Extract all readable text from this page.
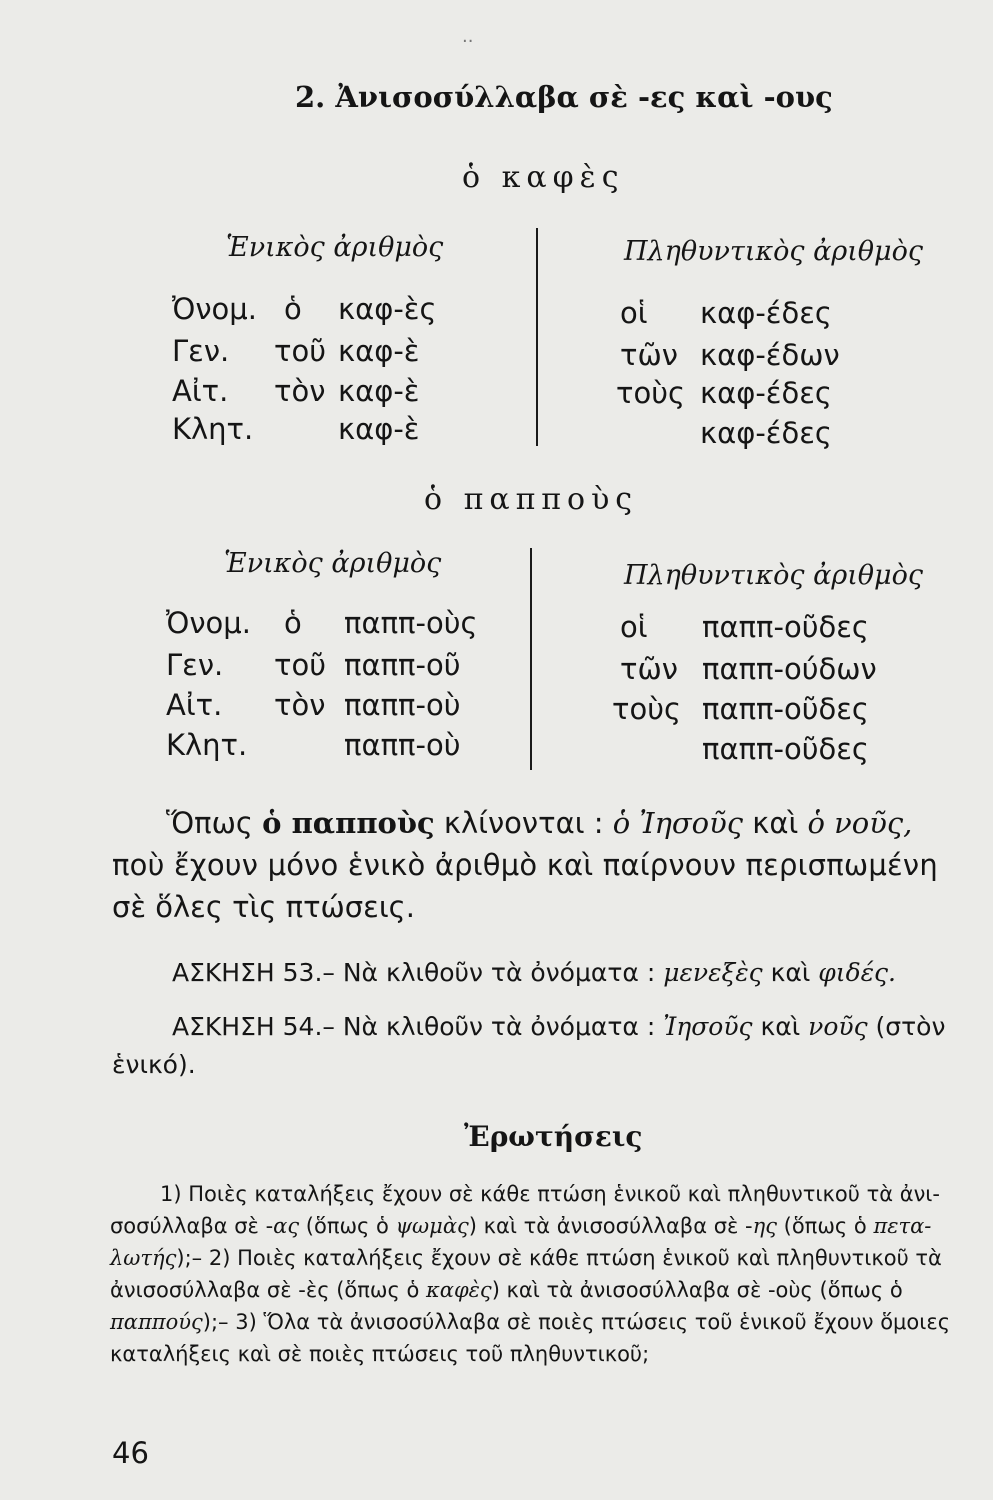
..
2. Ἀνισοσύλλαβα σὲ -ες καὶ -ους
ὁ καφὲς
Ἑνικὸς ἀριθμὸς	Πληθυντικὸς ἀριθμὸς
Ὀνομ. ὁ καφ-ὲς	οἱ καφ-έδες
Γεν. τοῦ καφ-ὲ	τῶν καφ-έδων
Αἰτ. τὸν καφ-ὲ	τοὺς καφ-έδες
Κλητ.	καφ-ὲ	καφ-έδες
ὁ παπποὺς
Ἑνικὸς ἀριθμὸς	Πληθυντικὸς ἀριθμὸς
Ὀνομ. ὁ παππ-οὺς	οἱ παππ-οῦδες
Γεν. τοῦ παππ-οῦ	τῶν παππ-ούδων
Αἰτ. τὸν παππ-οὺ	τοὺς παππ-οῦδες
Κλητ.	παππ-οὺ	παππ-οῦδες
Ὅπως ὁ παπποὺς κλίνονται : ὁ Ἰησοῦς καὶ ὁ νοῦς,
ποὺ ἔχουν μόνο ἑνικὸ ἀριθμὸ καὶ παίρνουν περισπωμένη
σὲ ὅλες τὶς πτώσεις.
ΑΣΚΗΣΗ 53.– Νὰ κλιθοῦν τὰ ὀνόματα : μενεξὲς καὶ φιδές.
ΑΣΚΗΣΗ 54.– Νὰ κλιθοῦν τὰ ὀνόματα : Ἰησοῦς καὶ νοῦς (στὸν
ἑνικό).
Ἐρωτήσεις
1) Ποιὲς καταλήξεις ἔχουν σὲ κάθε πτώση ἑνικοῦ καὶ πληθυντικοῦ τὰ ἀνι-
σοσύλλαβα σὲ -ας (ὅπως ὁ ψωμὰς) καὶ τὰ ἀνισοσύλλαβα σὲ -ης (ὅπως ὁ πετα-
λωτής);– 2) Ποιὲς καταλήξεις ἔχουν σὲ κάθε πτώση ἑνικοῦ καὶ πληθυντικοῦ τὰ
ἀνισοσύλλαβα σὲ -ὲς (ὅπως ὁ καφὲς) καὶ τὰ ἀνισοσύλλαβα σὲ -οὺς (ὅπως ὁ
παππούς);– 3) Ὅλα τὰ ἀνισοσύλλαβα σὲ ποιὲς πτώσεις τοῦ ἑνικοῦ ἔχουν ὅμοιες
καταλήξεις καὶ σὲ ποιὲς πτώσεις τοῦ πληθυντικοῦ;
46
